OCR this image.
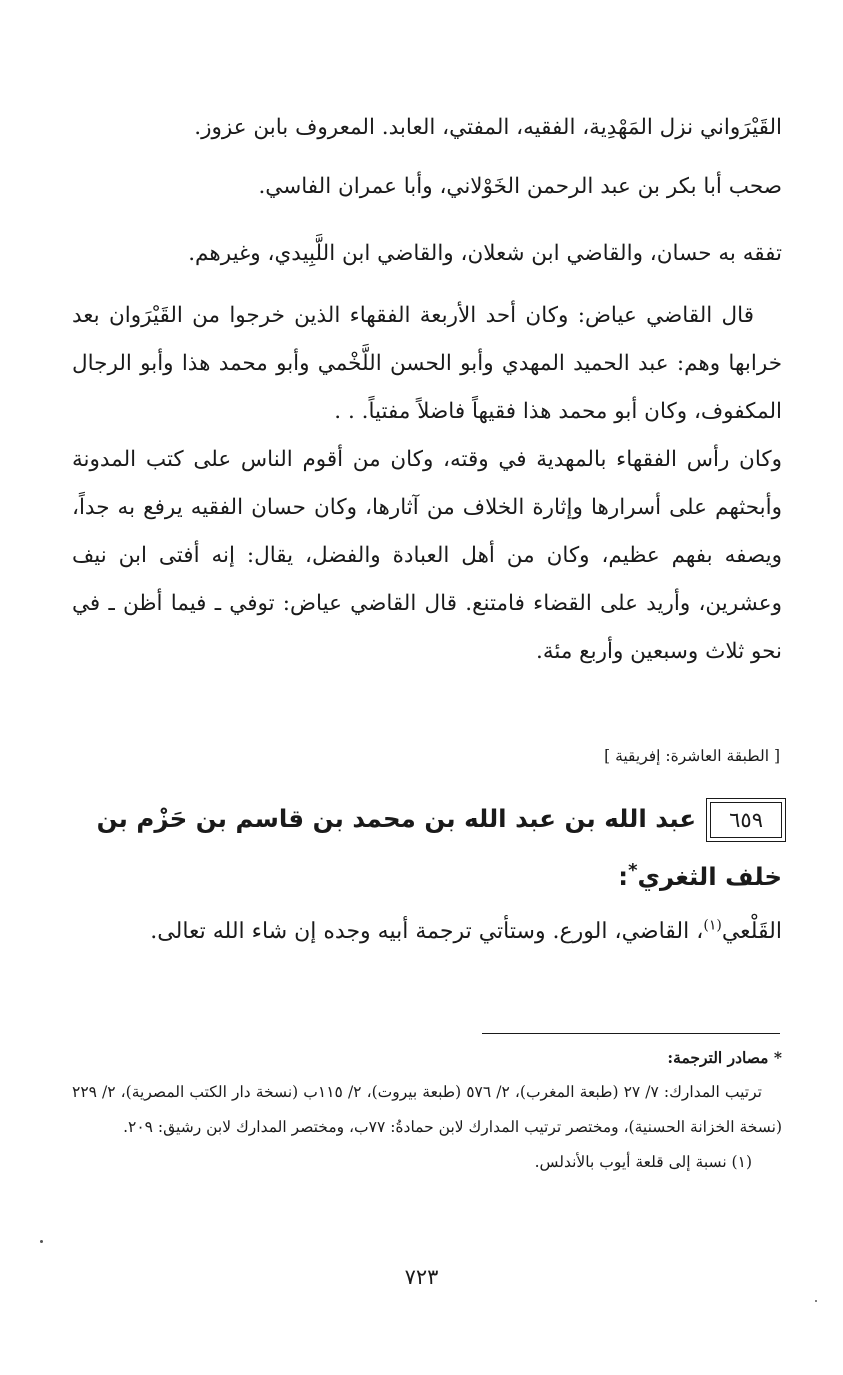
القَيْرَواني نزل المَهْدِية، الفقيه، المفتي، العابد. المعروف بابن عزوز.
صحب أبا بكر بن عبد الرحمن الخَوْلاني، وأبا عمران الفاسي.
تفقه به حسان، والقاضي ابن شعلان، والقاضي ابن اللَّبِيدي، وغيرهم.

قال القاضي عياض: وكان أحد الأربعة الفقهاء الذين خرجوا من القَيْرَوان بعد خرابها وهم: عبد الحميد المهدي وأبو الحسن اللَّخْمي وأبو محمد هذا وأبو الرجال المكفوف، وكان أبو محمد هذا فقيهاً فاضلاً مفتياً. . .

وكان رأس الفقهاء بالمهدية في وقته، وكان من أقوم الناس على كتب المدونة وأبحثهم على أسرارها وإثارة الخلاف من آثارها، وكان حسان الفقيه يرفع به جداً، ويصفه بفهم عظيم، وكان من أهل العبادة والفضل، يقال: إنه أفتى ابن نيف وعشرين، وأريد على القضاء فامتنع. قال القاضي عياض: توفي ـ فيما أظن ـ في نحو ثلاث وسبعين وأربع مئة.

[ الطبقة العاشرة: إفريقية ]
٦٥٩عبد الله بن عبد الله بن محمد بن قاسم بن حَزْم بن خلف الثغري*:
القَلْعي$^{(١)}$، القاضي، الورع. وستأتي ترجمة أبيه وجده إن شاء الله تعالى.

* مصادر الترجمة:

ترتيب المدارك: ٧/ ٢٧ (طبعة المغرب)، ٢/ ٥٧٦ (طبعة بيروت)، ٢/ ١١٥ب (نسخة دار الكتب المصرية)، ٢/ ٢٢٩ (نسخة الخزانة الحسنية)، ومختصر ترتيب المدارك لابن حمادةُ: ٧٧ب، ومختصر المدارك لابن رشيق: ٢٠٩.

(١) نسبة إلى قلعة أيوب بالأندلس.

٧٢٣
